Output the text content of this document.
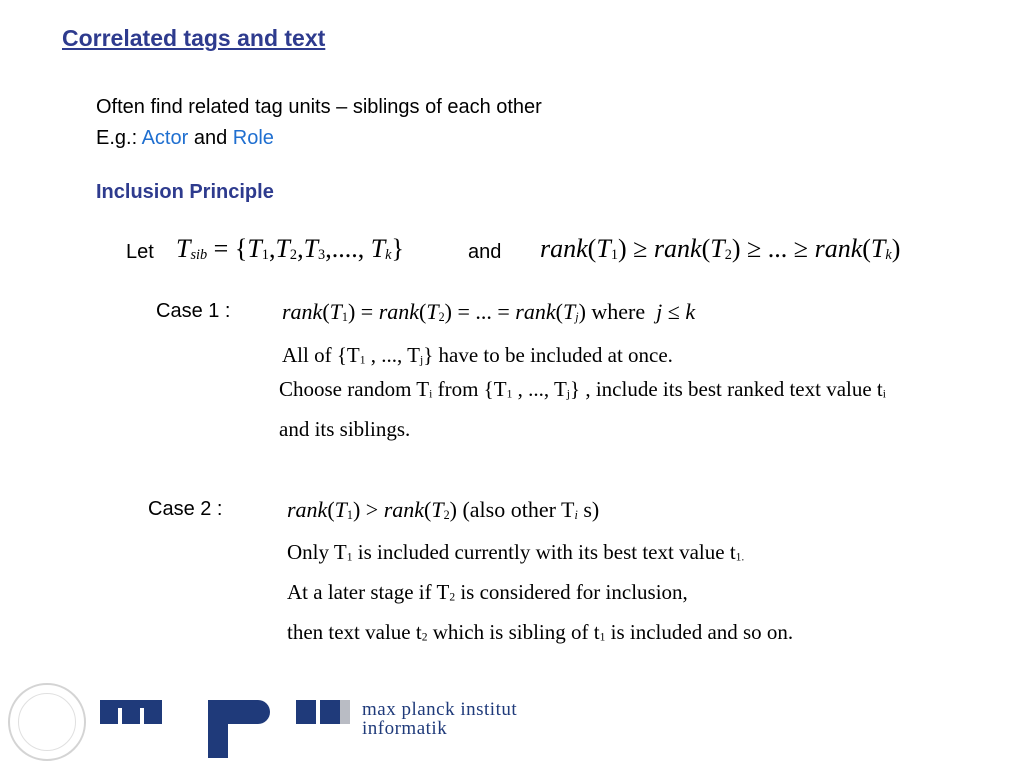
Correlated tags and text
Often find related tag units – siblings of each other
E.g.: Actor and Role
Inclusion Principle
Let $T_{sib} = \{T_1,T_2,T_3$,...., $T_k$}	and $rank(T_1)$ ≥ $rank(T_2)$ ≥ ... ≥ $rank(T_k)$
Case 1 : $rank(T_1)$ = $rank(T_2)$ = ... = $rank(T_j)$ where  j ≤ k
All of {$T_1$ , ..., $T_j$} have to be included at once.
Choose random $T_i$ from {$T_1$ , ..., $T_j$} , include its best ranked text value $t_i$
and its siblings.
Case 2 :	$rank(T_1)$ > $rank(T_2)$ (also other $T_i$ s)
Only $T_1$ is included currently with its best text value $t_{1.}$
At a later stage if $T_2$ is considered for inclusion,
then text value $t_2$ which is sibling of $t_1$ is included and so on.
max planck institut
informatik
